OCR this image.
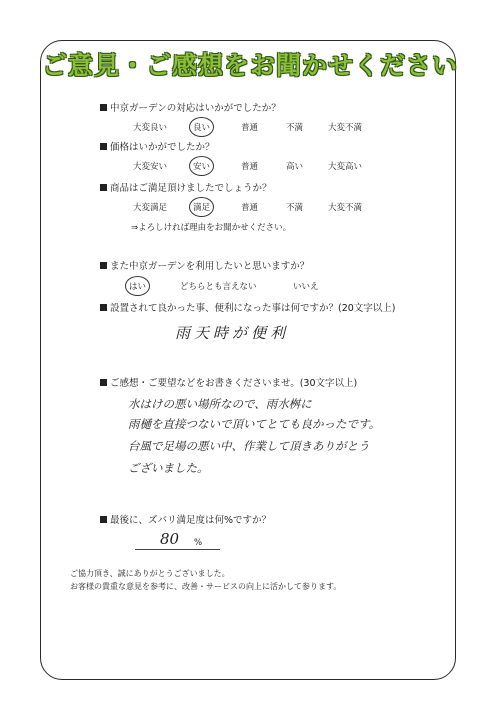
ご意見・ご感想をお聞かせください
中京ガーデンの対応はいかがでしたか？
大変良い	良い	普通	不満	大変不満
価格はいかがでしたか？
大変安い	安い	普通	高い	大変高い
商品はご満足頂けましたでしょうか？
大変満足	満足	普通	不満	大変不満
⇒よろしければ理由をお聞かせください。
また中京ガーデンを利用したいと思いますか？
はい	どちらとも言えない	いいえ
設置されて良かった事、便利になった事は何ですか？(20文字以上)
雨天時が便利
ご感想・ご要望などをお書きくださいませ。(30文字以上)
水はけの悪い場所なので、雨水桝に
雨樋を直接つないで頂いてとても良かったです。
台風で足場の悪い中、作業して頂きありがとう
ございました。
最後に、ズバリ満足度は何%ですか？
80 %
ご協力頂き、誠にありがとうございました。
お客様の貴重な意見を参考に、改善・サービスの向上に活かして参ります。
